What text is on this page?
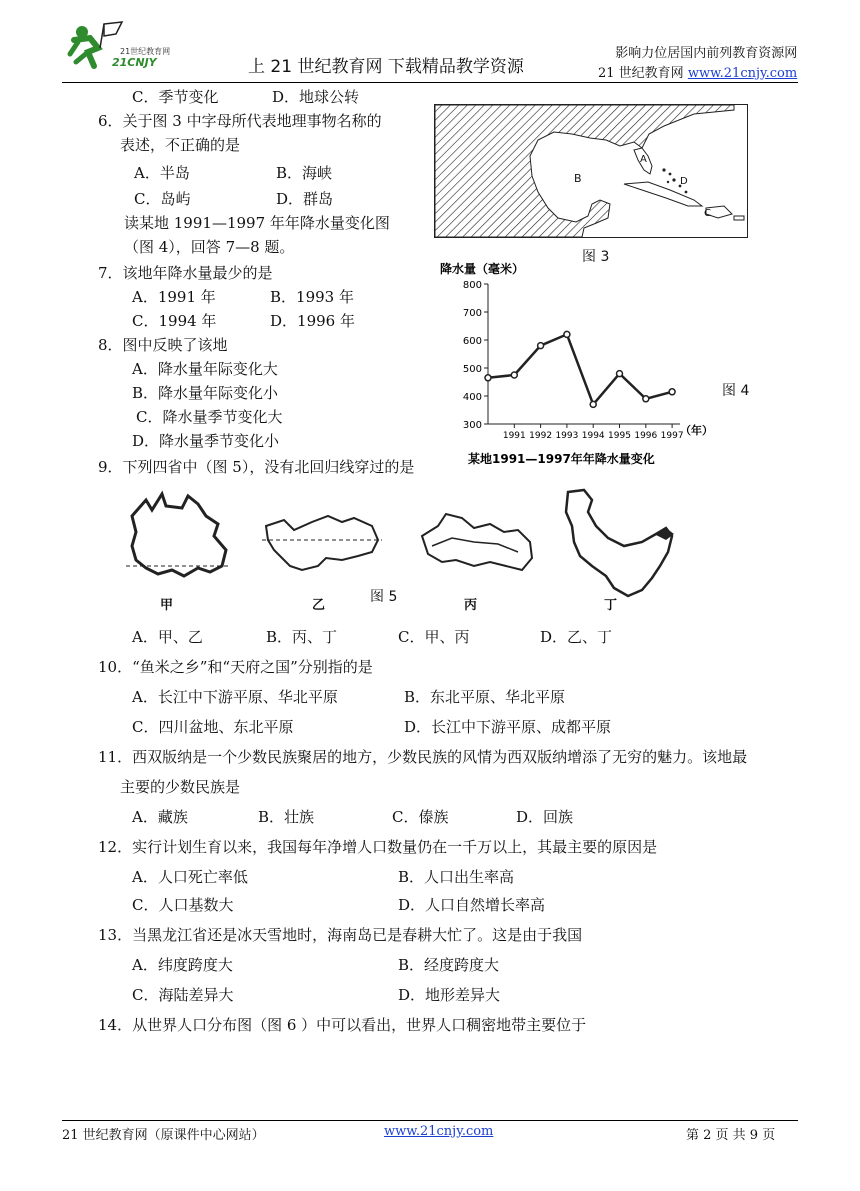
21世纪教育网
21CNJY	上 21 世纪教育网 下载精品教学资源
影响力位居国内前列教育资源网
21 世纪教育网 www.21cnjy.com
C．季节变化	D．地球公转
6．关于图 3 中字母所代表地理事物名称的
表述，不正确的是
A．半岛	B．海峡
C．岛屿	D．群岛
读某地 1991—1997 年年降水量变化图
（图 4），回答 7—8 题。
7．该地年降水量最少的是
A．1991 年	B．1993 年
C．1994 年	D．1996 年
8．图中反映了该地
A．降水量年际变化大
B．降水量年际变化小
C．降水量季节变化大
D．降水量季节变化小
9．下列四省中（图 5），没有北回归线穿过的是
B
A
D
C
图 3
降水量（毫米）
300
400
500
600
700
800
1991 1992 1993 1994 1995 1996 1997
（年）
某地1991—1997年年降水量变化
图 4
甲	乙
图 5
丙	丁
A．甲、乙	B．丙、丁	C．甲、丙	D．乙、丁
10．“鱼米之乡”和“天府之国”分别指的是
A．长江中下游平原、华北平原	B．东北平原、华北平原
C．四川盆地、东北平原	D．长江中下游平原、成都平原
11．西双版纳是一个少数民族聚居的地方，少数民族的风情为西双版纳增添了无穷的魅力。该地最
主要的少数民族是
A．藏族	B．壮族	C．傣族	D．回族
12．实行计划生育以来，我国每年净增人口数量仍在一千万以上，其最主要的原因是
A．人口死亡率低	B．人口出生率高
C．人口基数大	D．人口自然增长率高
13．当黑龙江省还是冰天雪地时，海南岛已是春耕大忙了。这是由于我国
A．纬度跨度大	B．经度跨度大
C．海陆差异大	D．地形差异大
14．从世界人口分布图（图 6 ）中可以看出，世界人口稠密地带主要位于
21 世纪教育网（原课件中心网站）	www.21cnjy.com	第 2 页 共 9 页
